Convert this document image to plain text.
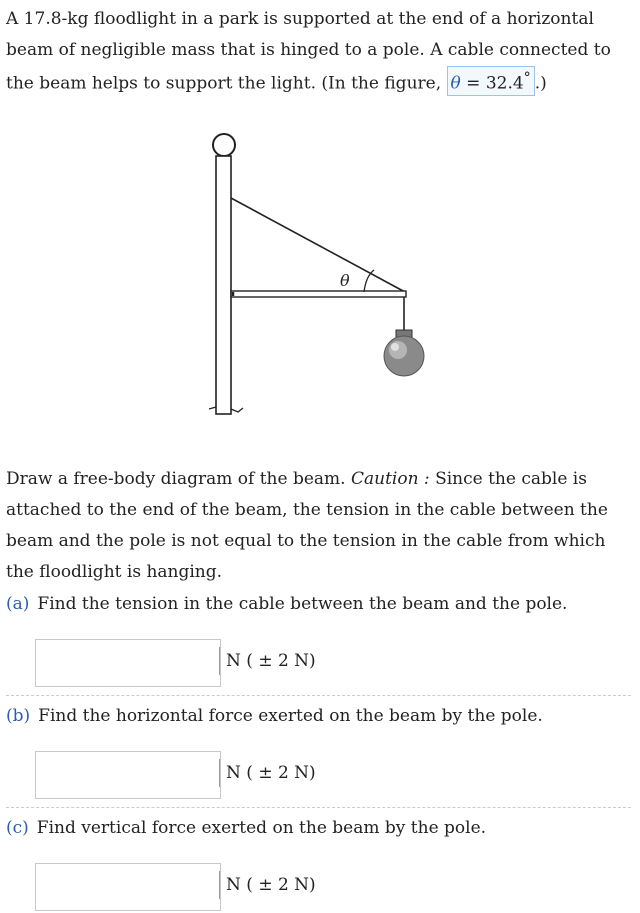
A 17.8-kg floodlight in a park is supported at the end of a horizontal beam of negligible mass that is hinged to a pole. A cable connected to the beam helps to support the light. (In the figure, θ = 32.4° .)
θ
Draw a free-body diagram of the beam. Caution : Since the cable is attached to the end of the beam, the tension in the cable between the beam and the pole is not equal to the tension in the cable from which the floodlight is hanging.
(a) Find the tension in the cable between the beam and the pole.
N ( ± 2 N)
(b) Find the horizontal force exerted on the beam by the pole.
N ( ± 2 N)
(c) Find vertical force exerted on the beam by the pole.
N ( ± 2 N)
